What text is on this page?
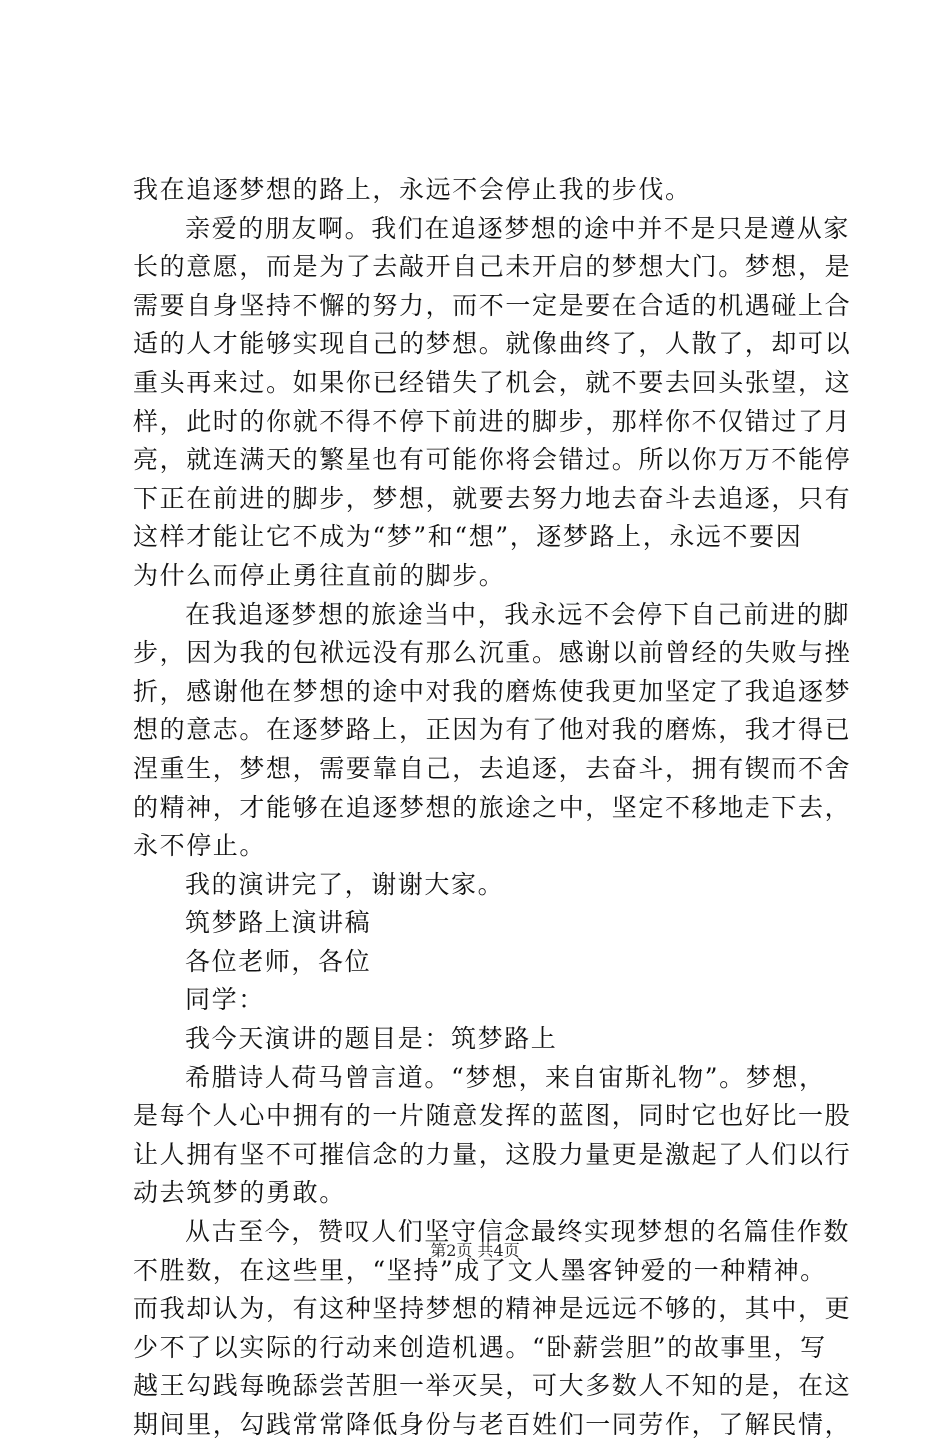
我在追逐梦想的路上，永远不会停止我的步伐。
亲爱的朋友啊。我们在追逐梦想的途中并不是只是遵从家
长的意愿，而是为了去敲开自己未开启的梦想大门。梦想，是
需要自身坚持不懈的努力，而不一定是要在合适的机遇碰上合
适的人才能够实现自己的梦想。就像曲终了，人散了，却可以
重头再来过。如果你已经错失了机会，就不要去回头张望，这
样，此时的你就不得不停下前进的脚步，那样你不仅错过了月
亮，就连满天的繁星也有可能你将会错过。所以你万万不能停
下正在前进的脚步，梦想，就要去努力地去奋斗去追逐，只有
这样才能让它不成为“梦”和“想”，逐梦路上，永远不要因
为什么而停止勇往直前的脚步。
在我追逐梦想的旅途当中，我永远不会停下自己前进的脚
步，因为我的包袱远没有那么沉重。感谢以前曾经的失败与挫
折，感谢他在梦想的途中对我的磨炼使我更加坚定了我追逐梦
想的意志。在逐梦路上，正因为有了他对我的磨炼，我才得已
涅重生，梦想，需要靠自己，去追逐，去奋斗，拥有锲而不舍
的精神，才能够在追逐梦想的旅途之中，坚定不移地走下去，
永不停止。
我的演讲完了，谢谢大家。
筑梦路上演讲稿
各位老师，各位
同学：
我今天演讲的题目是：筑梦路上
希腊诗人荷马曾言道。“梦想，来自宙斯礼物”。梦想，
是每个人心中拥有的一片随意发挥的蓝图，同时它也好比一股
让人拥有坚不可摧信念的力量，这股力量更是激起了人们以行
动去筑梦的勇敢。
从古至今，赞叹人们坚守信念最终实现梦想的名篇佳作数
不胜数，在这些里，“坚持”成了文人墨客钟爱的一种精神。
而我却认为，有这种坚持梦想的精神是远远不够的，其中，更
少不了以实际的行动来创造机遇。“卧薪尝胆”的故事里，写
越王勾践每晚舔尝苦胆一举灭吴，可大多数人不知的是，在这
期间里，勾践常常降低身份与老百姓们一同劳作，了解民情，
第2页 共4页
